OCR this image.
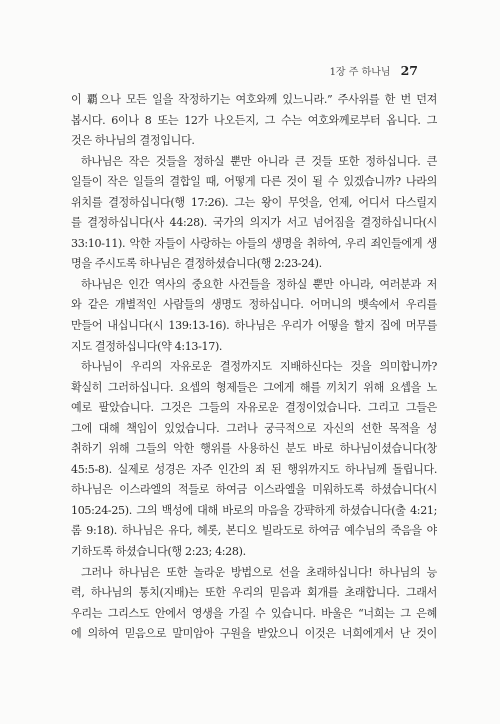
1장 주 하나님 27
이 覇으나 모든 일을 작정하기는 여호와께 있느니라.” 주사위를 한 번 던져
봅시다. 6이나 8 또는 12가 나오든지, 그 수는 여호와께로부터 옵니다. 그
것은 하나님의 결정입니다.
하나님은 작은 것들을 정하실 뿐만 아니라 큰 것들 또한 정하십니다. 큰
일들이 작은 일들의 결합일 때, 어떻게 다른 것이 될 수 있겠습니까? 나라의
위치를 결정하십니다(행 17:26). 그는 왕이 무엇을, 언제, 어디서 다스릴지
를 결정하십니다(사 44:28). 국가의 의지가 서고 넘어짐을 결정하십니다(시
33:10-11). 악한 자들이 사랑하는 아들의 생명을 취하여, 우리 죄인들에게 생
명을 주시도록 하나님은 결정하셨습니다(행 2:23-24).
하나님은 인간 역사의 중요한 사건들을 정하실 뿐만 아니라, 여러분과 저
와 같은 개별적인 사람들의 생명도 정하십니다. 어머니의 뱃속에서 우리를
만들어 내십니다(시 139:13-16). 하나님은 우리가 어떻을 할지 집에 머무를
지도 결정하십니다(약 4:13-17).
하나님이 우리의 자유로운 결정까지도 지배하신다는 것을 의미합니까?
확실히 그러하십니다. 요셉의 형제들은 그에게 해를 끼치기 위해 요셉을 노
예로 팔았습니다. 그것은 그들의 자유로운 결정이었습니다. 그리고 그들은
그에 대해 책임이 있었습니다. 그러나 궁극적으로 자신의 선한 목적을 성
취하기 위해 그들의 악한 행위를 사용하신 분도 바로 하나님이셨습니다(창
45:5-8). 실제로 성경은 자주 인간의 죄 된 행위까지도 하나님께 돌립니다.
하나님은 이스라엘의 적들로 하여금 이스라엘을 미워하도록 하셨습니다(시
105:24-25). 그의 백성에 대해 바로의 마음을 강퍅하게 하셨습니다(출 4:21;
롬 9:18). 하나님은 유다, 헤롯, 본디오 빌라도로 하여금 예수님의 죽음을 야
기하도록 하셨습니다(행 2:23; 4:28).
그러나 하나님은 또한 놀라운 방법으로 선을 초래하십니다! 하나님의 능
력, 하나님의 통치(지배)는 또한 우리의 믿음과 회개를 초래합니다. 그래서
우리는 그리스도 안에서 영생을 가질 수 있습니다. 바울은 “너희는 그 은혜
에 의하여 믿음으로 말미암아 구원을 받았으니 이것은 너희에게서 난 것이
